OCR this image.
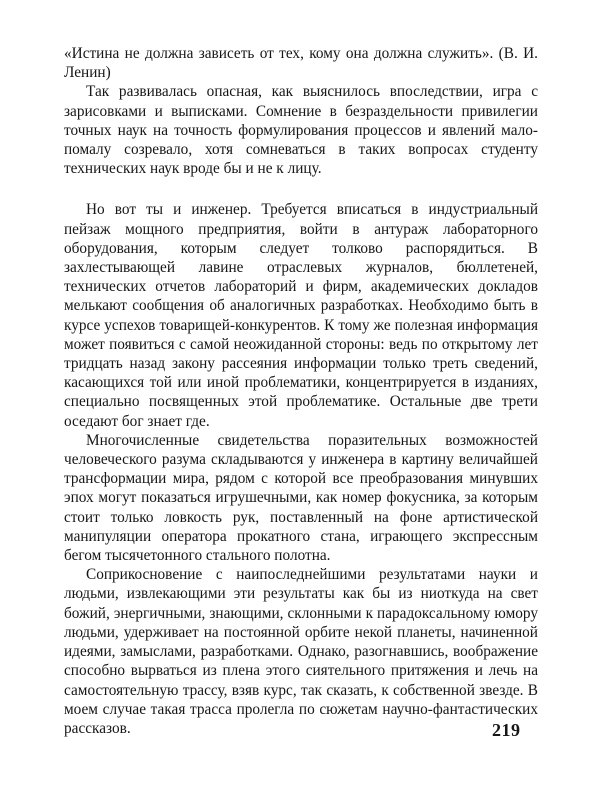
«Истина не должна зависеть от тех, кому она должна служить». (В. И. Ленин)

Так развивалась опасная, как выяснилось впоследствии, игра с зарисовками и выписками. Сомнение в безраздельности привилегии точных наук на точность формулирования процессов и явлений мало-помалу созревало, хотя сомневаться в таких вопросах студенту технических наук вроде бы и не к лицу.

Но вот ты и инженер. Требуется вписаться в индустриальный пейзаж мощного предприятия, войти в антураж лабораторного оборудования, которым следует толково распорядиться. В захлестывающей лавине отраслевых журналов, бюллетеней, технических отчетов лабораторий и фирм, академических докладов мелькают сообщения об аналогичных разработках. Необходимо быть в курсе успехов товарищей-конкурентов. К тому же полезная информация может появиться с самой неожиданной стороны: ведь по открытому лет тридцать назад закону рассеяния информации только треть сведений, касающихся той или иной проблематики, концентрируется в изданиях, специально посвященных этой проблематике. Остальные две трети оседают бог знает где.

Многочисленные свидетельства поразительных возможностей человеческого разума складываются у инженера в картину величайшей трансформации мира, рядом с которой все преобразования минувших эпох могут показаться игрушечными, как номер фокусника, за которым стоит только ловкость рук, поставленный на фоне артистической манипуляции оператора прокатного стана, играющего экспрессным бегом тысячетонного стального полотна.

Соприкосновение с наипоследнейшими результатами науки и людьми, извлекающими эти результаты как бы из ниоткуда на свет божий, энергичными, знающими, склонными к парадоксальному юмору людьми, удерживает на постоянной орбите некой планеты, начиненной идеями, замыслами, разработками. Однако, разогнавшись, воображение способно вырваться из плена этого сиятельного притяжения и лечь на самостоятельную трассу, взяв курс, так сказать, к собственной звезде. В моем случае такая трасса пролегла по сюжетам научно-фантастических рассказов.	219
